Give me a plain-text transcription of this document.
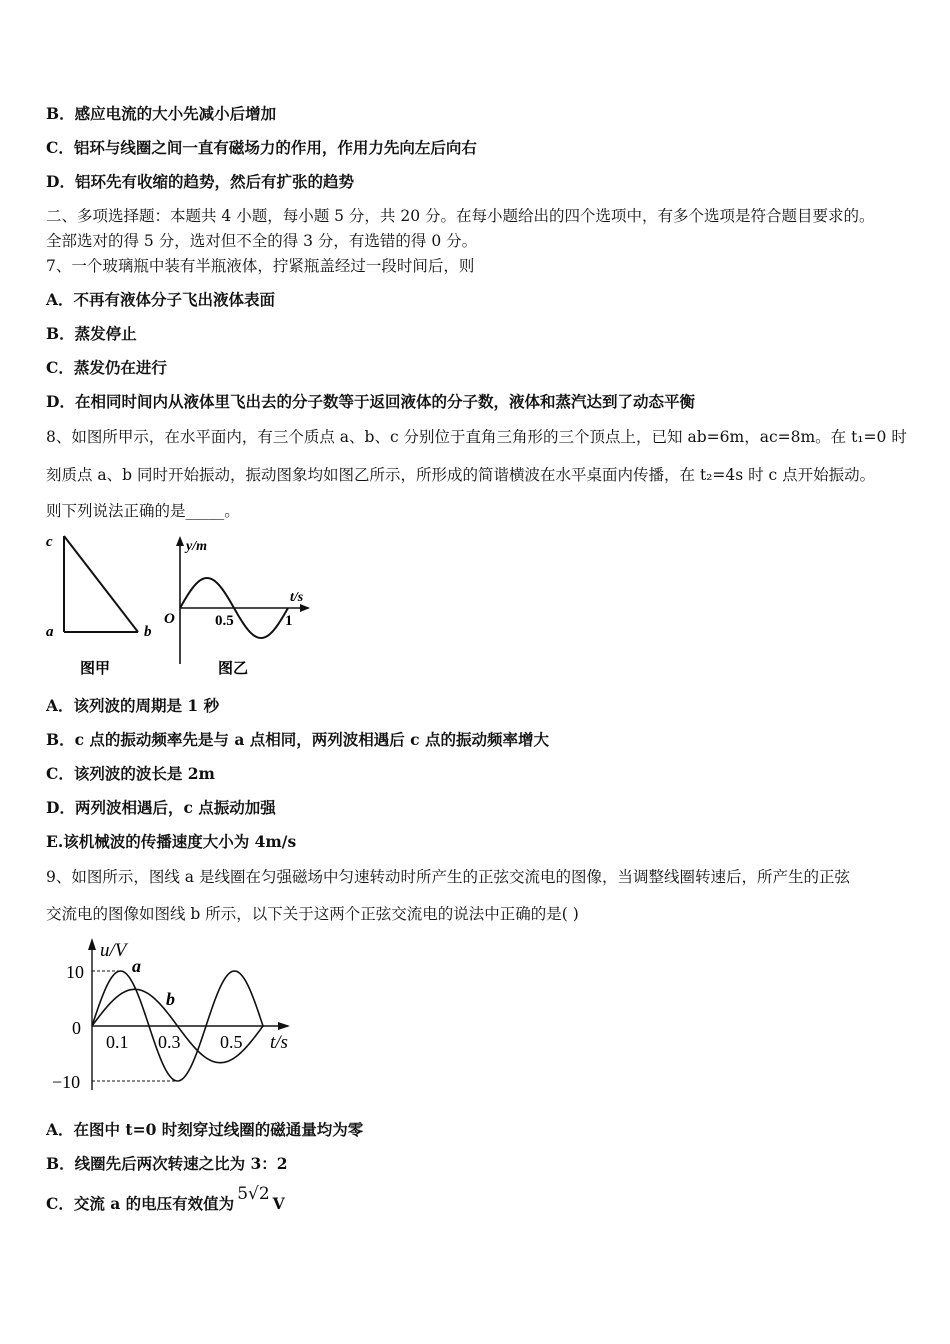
B．感应电流的大小先减小后增加
C．铝环与线圈之间一直有磁场力的作用，作用力先向左后向右
D．铝环先有收缩的趋势，然后有扩张的趋势
二、多项选择题：本题共 4 小题，每小题 5 分，共 20 分。在每小题给出的四个选项中，有多个选项是符合题目要求的。
全部选对的得 5 分，选对但不全的得 3 分，有选错的得 0 分。
7、一个玻璃瓶中装有半瓶液体，拧紧瓶盖经过一段时间后，则
A．不再有液体分子飞出液体表面
B．蒸发停止
C．蒸发仍在进行
D．在相同时间内从液体里飞出去的分子数等于返回液体的分子数，液体和蒸汽达到了动态平衡
8、如图所甲示，在水平面内，有三个质点 a、b、c 分别位于直角三角形的三个顶点上，已知 ab=6m，ac=8m。在 t₁=0 时
刻质点 a、b 同时开始振动，振动图象均如图乙所示，所形成的简谐横波在水平桌面内传播，在 t₂=4s 时 c 点开始振动。
则下列说法正确的是_____。
c
a	b
图甲
y/m
t/s
O	0.5	1
图乙
A．该列波的周期是 1 秒
B．c 点的振动频率先是与 a 点相同，两列波相遇后 c 点的振动频率增大
C．该列波的波长是 2m
D．两列波相遇后，c 点振动加强
E.该机械波的传播速度大小为 4m/s
9、如图所示，图线 a 是线圈在匀强磁场中匀速转动时所产生的正弦交流电的图像，当调整线圈转速后，所产生的正弦
交流电的图像如图线 b 所示，以下关于这两个正弦交流电的说法中正确的是( )
u/V
10
0
−10
0.1 0.3 0.5 t/s
a
b
A．在图中 t=0 时刻穿过线圈的磁通量均为零
B．线圈先后两次转速之比为 3：2
C．交流 a 的电压有效值为 5√2 V
